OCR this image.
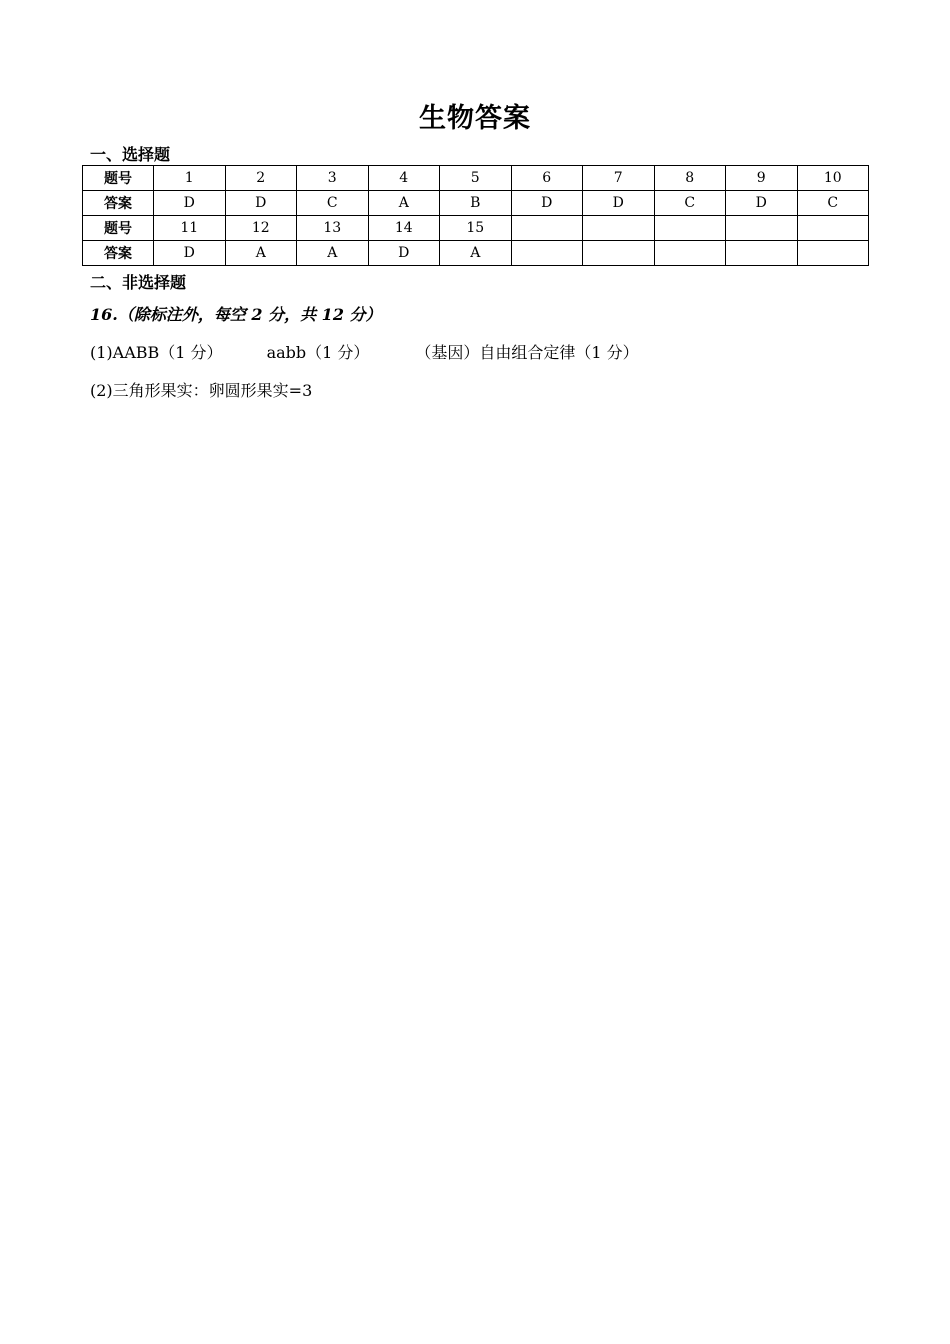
生物答案
一、选择题
题号	1	2	3	4	5	6	7	8	9	10
答案	D	D	C	A	B	D	D	C	D	C
题号	11	12	13	14	15					
答案	D	A	A	D	A					
二、非选择题
16.（除标注外，每空 2 分，共 12 分）
(1)AABB（1 分）	aabb（1 分）	（基因）自由组合定律（1 分）
(2)三角形果实：卵圆形果实=3
